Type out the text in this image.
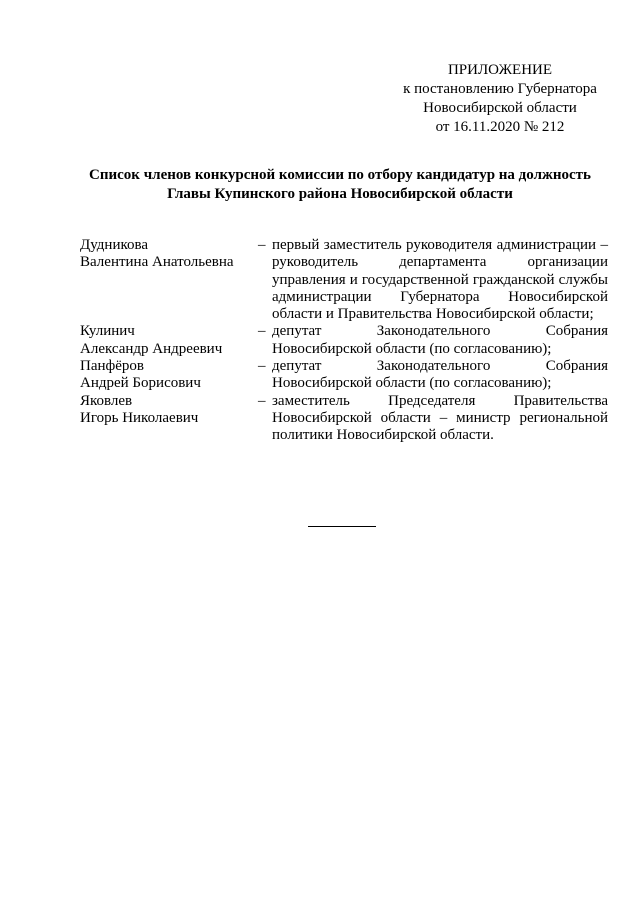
ПРИЛОЖЕНИЕ
к постановлению Губернатора
Новосибирской области
от 16.11.2020 № 212
Список членов конкурсной комиссии по отбору кандидатур на должность
Главы Купинского района Новосибирской области
Дудникова
Валентина Анатольевна
– первый заместитель руководителя администрации – руководитель департамента организации управления и государственной гражданской службы администрации Губернатора Новосибирской области и Правительства Новосибирской области;
Кулинич
Александр Андреевич
– депутат Законодательного Собрания Новосибирской области (по согласованию);
Панфёров
Андрей Борисович
– депутат Законодательного Собрания Новосибирской области (по согласованию);
Яковлев
Игорь Николаевич
– заместитель Председателя Правительства Новосибирской области – министр региональной политики Новосибирской области.
